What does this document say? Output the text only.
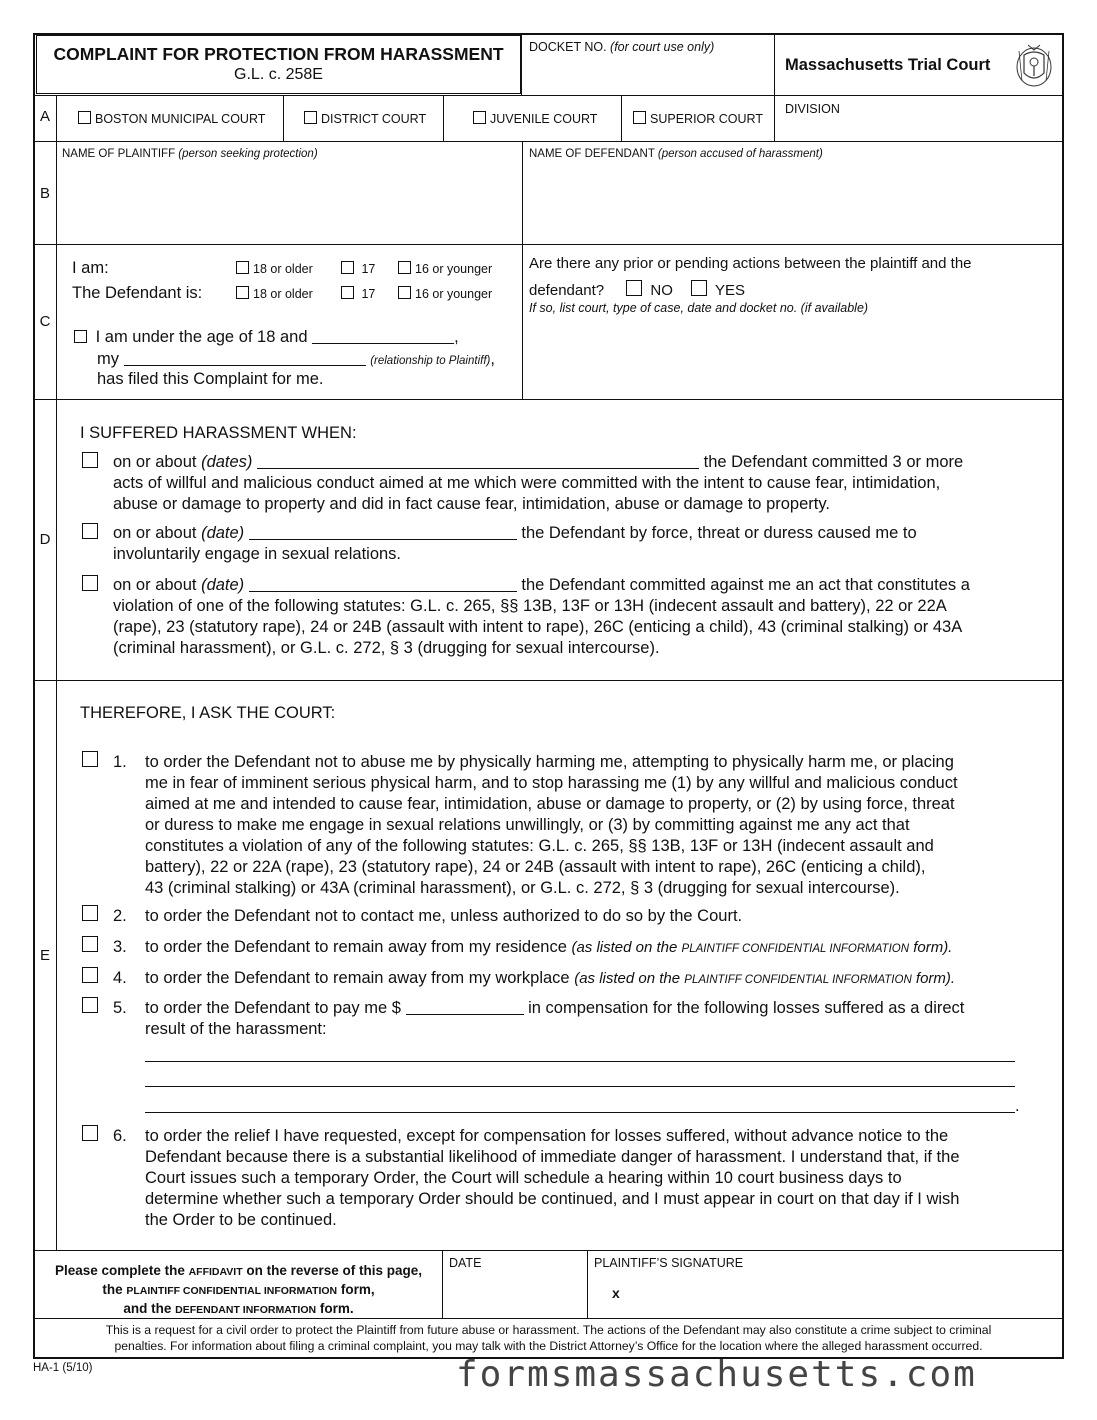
COMPLAINT FOR PROTECTION FROM HARASSMENT
G.L. c. 258E
DOCKET NO. (for court use only)
Massachusetts Trial Court
A	BOSTON MUNICIPAL COURT	DISTRICT COURT	JUVENILE COURT	SUPERIOR COURT
DIVISION
B
NAME OF PLAINTIFF (person seeking protection)	NAME OF DEFENDANT (person accused of harassment)
C
I am:
The Defendant is:
18 or older	17	16 or younger
18 or older	17	16 or younger
I am under the age of 18 and	,
my	(relationship to Plaintiff),
has filed this Complaint for me.
Are there any prior or pending actions between the plaintiff and the
defendant?	NO	YES
If so, list court, type of case, date and docket no. (if available)
D
I SUFFERED HARASSMENT WHEN:
on or about (dates)	the Defendant committed 3 or more
acts of willful and malicious conduct aimed at me which were committed with the intent to cause fear, intimidation,
abuse or damage to property and did in fact cause fear, intimidation, abuse or damage to property.
on or about (date)	the Defendant by force, threat or duress caused me to
involuntarily engage in sexual relations.
on or about (date)	the Defendant committed against me an act that constitutes a
violation of one of the following statutes: G.L. c. 265, §§ 13B, 13F or 13H (indecent assault and battery), 22 or 22A
(rape), 23 (statutory rape), 24 or 24B (assault with intent to rape), 26C (enticing a child), 43 (criminal stalking) or 43A
(criminal harassment), or G.L. c. 272, § 3 (drugging for sexual intercourse).
E
THEREFORE, I ASK THE COURT:
1. to order the Defendant not to abuse me by physically harming me, attempting to physically harm me, or placing
me in fear of imminent serious physical harm, and to stop harassing me (1) by any willful and malicious conduct
aimed at me and intended to cause fear, intimidation, abuse or damage to property, or (2) by using force, threat
or duress to make me engage in sexual relations unwillingly, or (3) by committing against me any act that
constitutes a violation of any of the following statutes: G.L. c. 265, §§ 13B, 13F or 13H (indecent assault and
battery), 22 or 22A (rape), 23 (statutory rape), 24 or 24B (assault with intent to rape), 26C (enticing a child),
43 (criminal stalking) or 43A (criminal harassment), or G.L. c. 272, § 3 (drugging for sexual intercourse).
2. to order the Defendant not to contact me, unless authorized to do so by the Court.
3. to order the Defendant to remain away from my residence (as listed on the PLAINTIFF CONFIDENTIAL INFORMATION form).
4. to order the Defendant to remain away from my workplace (as listed on the PLAINTIFF CONFIDENTIAL INFORMATION form).
5. to order the Defendant to pay me $	in compensation for the following losses suffered as a direct
result of the harassment:
.
6. to order the relief I have requested, except for compensation for losses suffered, without advance notice to the
Defendant because there is a substantial likelihood of immediate danger of harassment. I understand that, if the
Court issues such a temporary Order, the Court will schedule a hearing within 10 court business days to
determine whether such a temporary Order should be continued, and I must appear in court on that day if I wish
the Order to be continued.
Please complete the AFFIDAVIT on the reverse of this page,
the PLAINTIFF CONFIDENTIAL INFORMATION form,
and the DEFENDANT INFORMATION form.
DATE	PLAINTIFF’S SIGNATURE
x
This is a request for a civil order to protect the Plaintiff from future abuse or harassment. The actions of the Defendant may also constitute a crime subject to criminal
penalties. For information about filing a criminal complaint, you may talk with the District Attorney’s Office for the location where the alleged harassment occurred.
HA-1 (5/10)	formsmassachusetts.com
